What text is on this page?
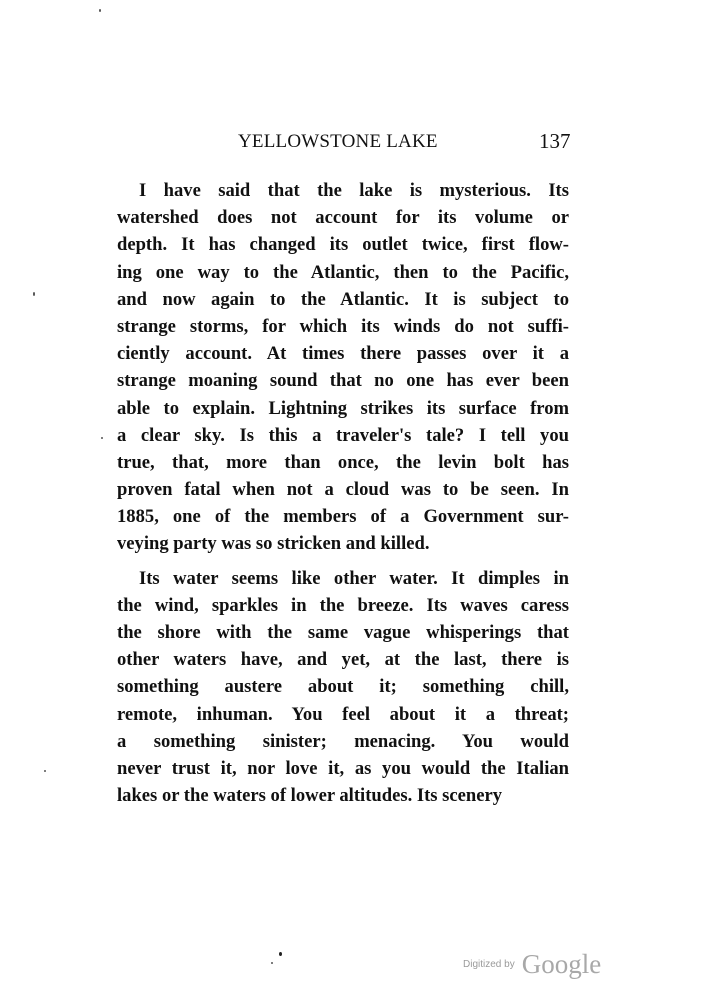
YELLOWSTONE LAKE	137
I have said that the lake is mysterious. Its
watershed does not account for its volume or
depth. It has changed its outlet twice, first flow-
ing one way to the Atlantic, then to the Pacific,
and now again to the Atlantic. It is subject to
strange storms, for which its winds do not suffi-
ciently account. At times there passes over it a
strange moaning sound that no one has ever been
able to explain. Lightning strikes its surface from
a clear sky. Is this a traveler's tale? I tell you
true, that, more than once, the levin bolt has
proven fatal when not a cloud was to be seen. In
1885, one of the members of a Government sur-
veying party was so stricken and killed.
Its water seems like other water. It dimples in
the wind, sparkles in the breeze. Its waves caress
the shore with the same vague whisperings that
other waters have, and yet, at the last, there is
something austere about it; something chill,
remote, inhuman. You feel about it a threat;
a something sinister; menacing. You would
never trust it, nor love it, as you would the Italian
lakes or the waters of lower altitudes. Its scenery
Digitized by Google
